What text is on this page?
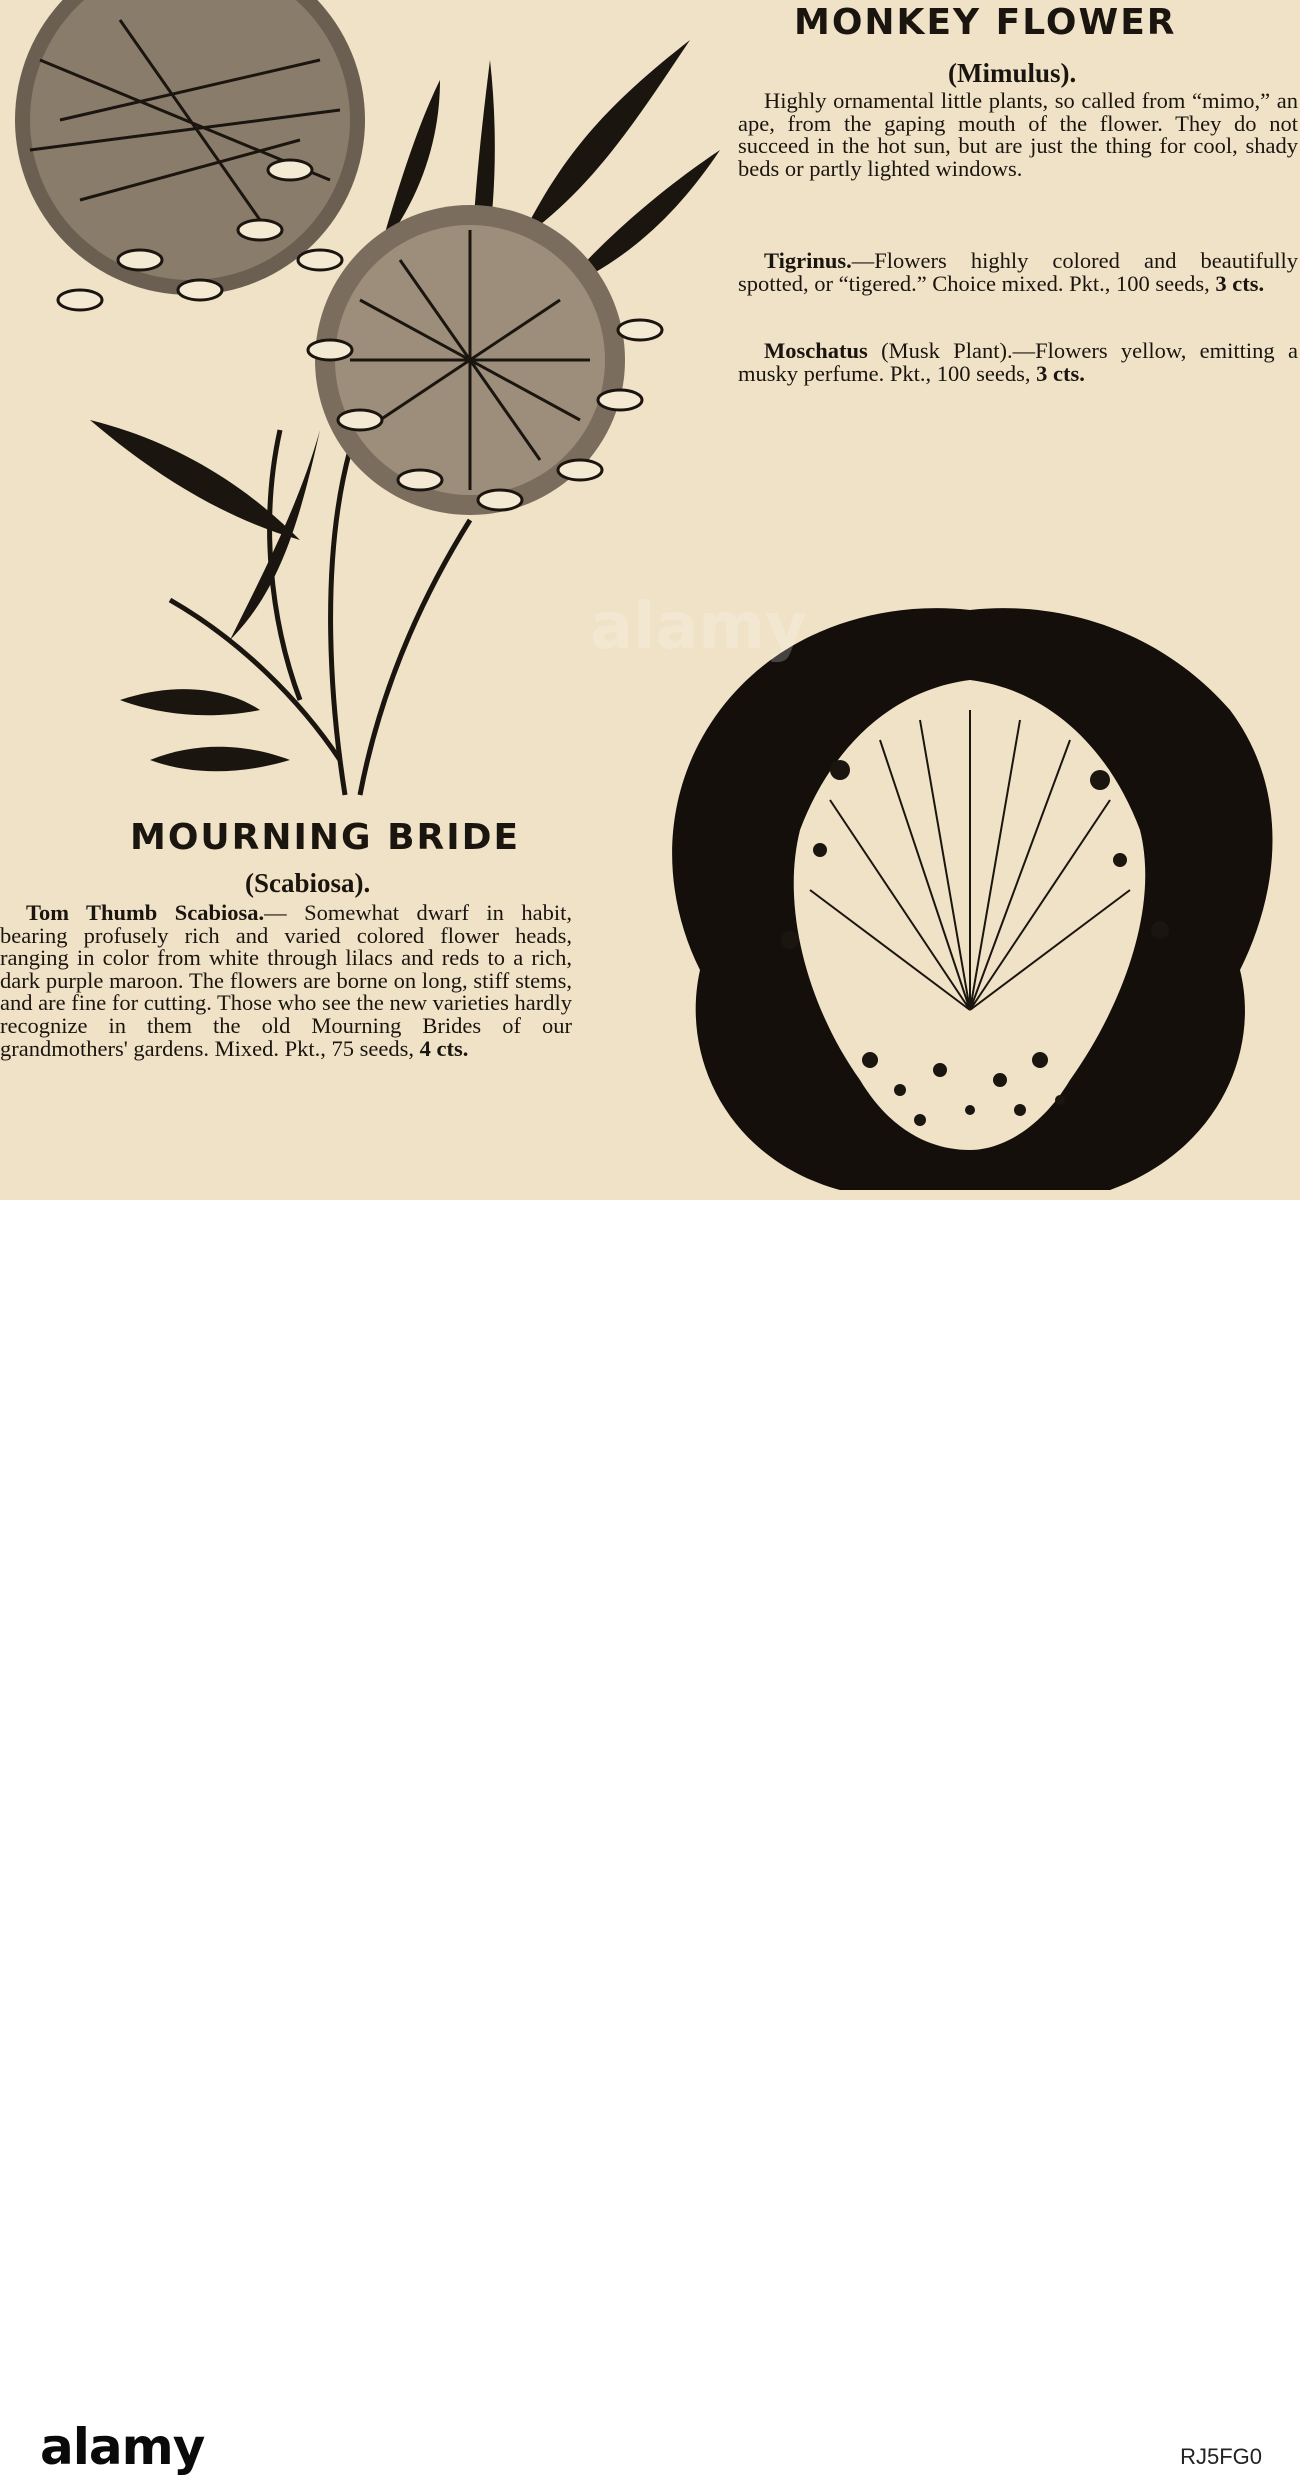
MONKEY FLOWER
(Mimulus).
Highly ornamental little plants, so called from “mimo,” an ape, from the gaping mouth of the flower. They do not succeed in the hot sun, but are just the thing for cool, shady beds or partly lighted windows.
Tigrinus.—Flowers highly colored and beautifully spotted, or “tigered.” Choice mixed. Pkt., 100 seeds, 3 cts.
Moschatus (Musk Plant).—Flowers yellow, emitting a musky perfume. Pkt., 100 seeds, 3 cts.
MOURNING BRIDE
(Scabiosa).
Tom Thumb Scabiosa.— Somewhat dwarf in habit, bearing profusely rich and varied colored flower heads, ranging in color from white through lilacs and reds to a rich, dark purple maroon. The flowers are borne on long, stiff stems, and are fine for cutting. Those who see the new varieties hardly recognize in them the old Mourning Brides of our grandmothers' gardens. Mixed. Pkt., 75 seeds, 4 cts.
alamy
alamy	RJ5FG0
